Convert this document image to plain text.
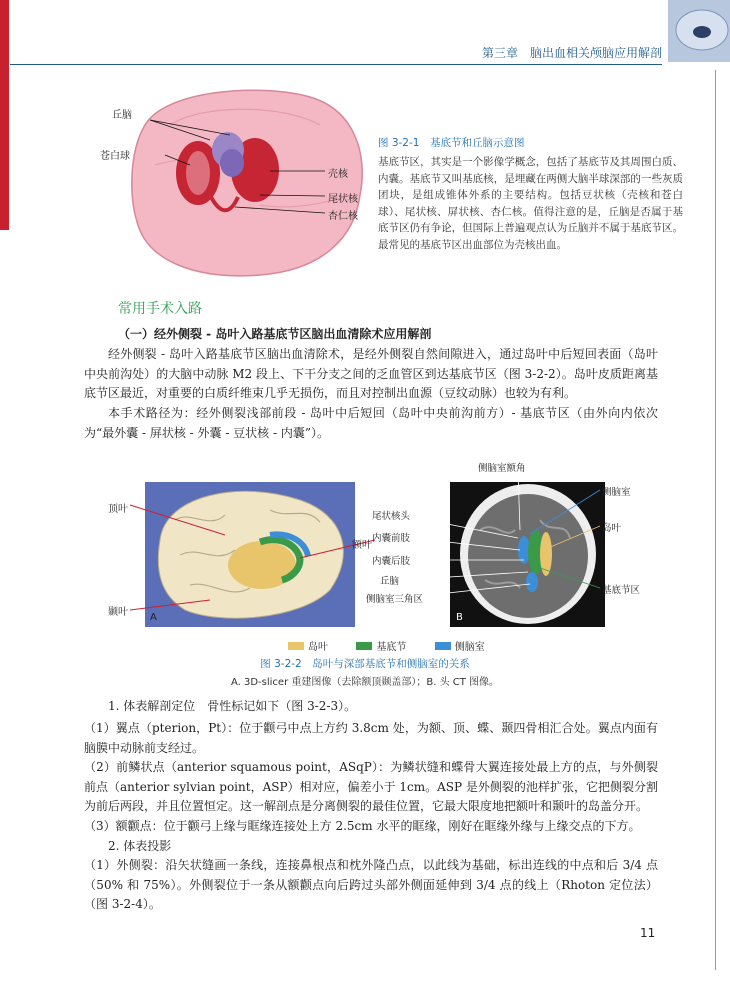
第三章　脑出血相关颅脑应用解剖
丘脑
苍白球
壳核
尾状核
杏仁核
图 3-2-1　基底节和丘脑示意图
基底节区，其实是一个影像学概念，包括了基底节及其周围白质、内囊。基底节又叫基底核，是埋藏在两侧大脑半球深部的一些灰质团块，是组成锥体外系的主要结构。包括豆状核（壳核和苍白球）、尾状核、屏状核、杏仁核。值得注意的是，丘脑是否属于基底节区仍有争论，但国际上普遍观点认为丘脑并不属于基底节区。最常见的基底节区出血部位为壳核出血。
常用手术入路
（一）经外侧裂 - 岛叶入路基底节区脑出血清除术应用解剖
经外侧裂 - 岛叶入路基底节区脑出血清除术，是经外侧裂自然间隙进入，通过岛叶中后短回表面（岛叶中央前沟处）的大脑中动脉 M2 段上、下干分支之间的乏血管区到达基底节区（图 3-2-2）。岛叶皮质距离基底节区最近，对重要的白质纤维束几乎无损伤，而且对控制出血源（豆纹动脉）也较为有利。
本手术路径为：经外侧裂浅部前段 - 岛叶中后短回（岛叶中央前沟前方）- 基底节区（由外向内依次为“最外囊 - 屏状核 - 外囊 - 豆状核 - 内囊”）。
顶叶
额叶
颞叶 A
侧脑室额角
尾状核头
内囊前肢
内囊后肢
丘脑
侧脑室三角区
侧脑室
岛叶
基底节区
B
岛叶	基底节	侧脑室
图 3-2-2　岛叶与深部基底节和侧脑室的关系
A. 3D-slicer 重建图像（去除额顶颞盖部）；B. 头 CT 图像。
1. 体表解剖定位　骨性标记如下（图 3-2-3）。
（1）翼点（pterion，Pt）：位于颧弓中点上方约 3.8cm 处，为额、顶、蝶、颞四骨相汇合处。翼点内面有脑膜中动脉前支经过。
（2）前鳞状点（anterior squamous point，ASqP）：为鳞状缝和蝶骨大翼连接处最上方的点，与外侧裂前点（anterior sylvian point，ASP）相对应，偏差小于 1cm。ASP 是外侧裂的池样扩张，它把侧裂分割为前后两段，并且位置恒定。这一解剖点是分离侧裂的最佳位置，它最大限度地把额叶和颞叶的岛盖分开。
（3）额颧点：位于颧弓上缘与眶缘连接处上方 2.5cm 水平的眶缘，刚好在眶缘外缘与上缘交点的下方。
2. 体表投影
（1）外侧裂：沿矢状缝画一条线，连接鼻根点和枕外隆凸点，以此线为基础，标出连线的中点和后 3/4 点（50% 和 75%）。外侧裂位于一条从额颧点向后跨过头部外侧面延伸到 3/4 点的线上（Rhoton 定位法）（图 3-2-4）。
11
